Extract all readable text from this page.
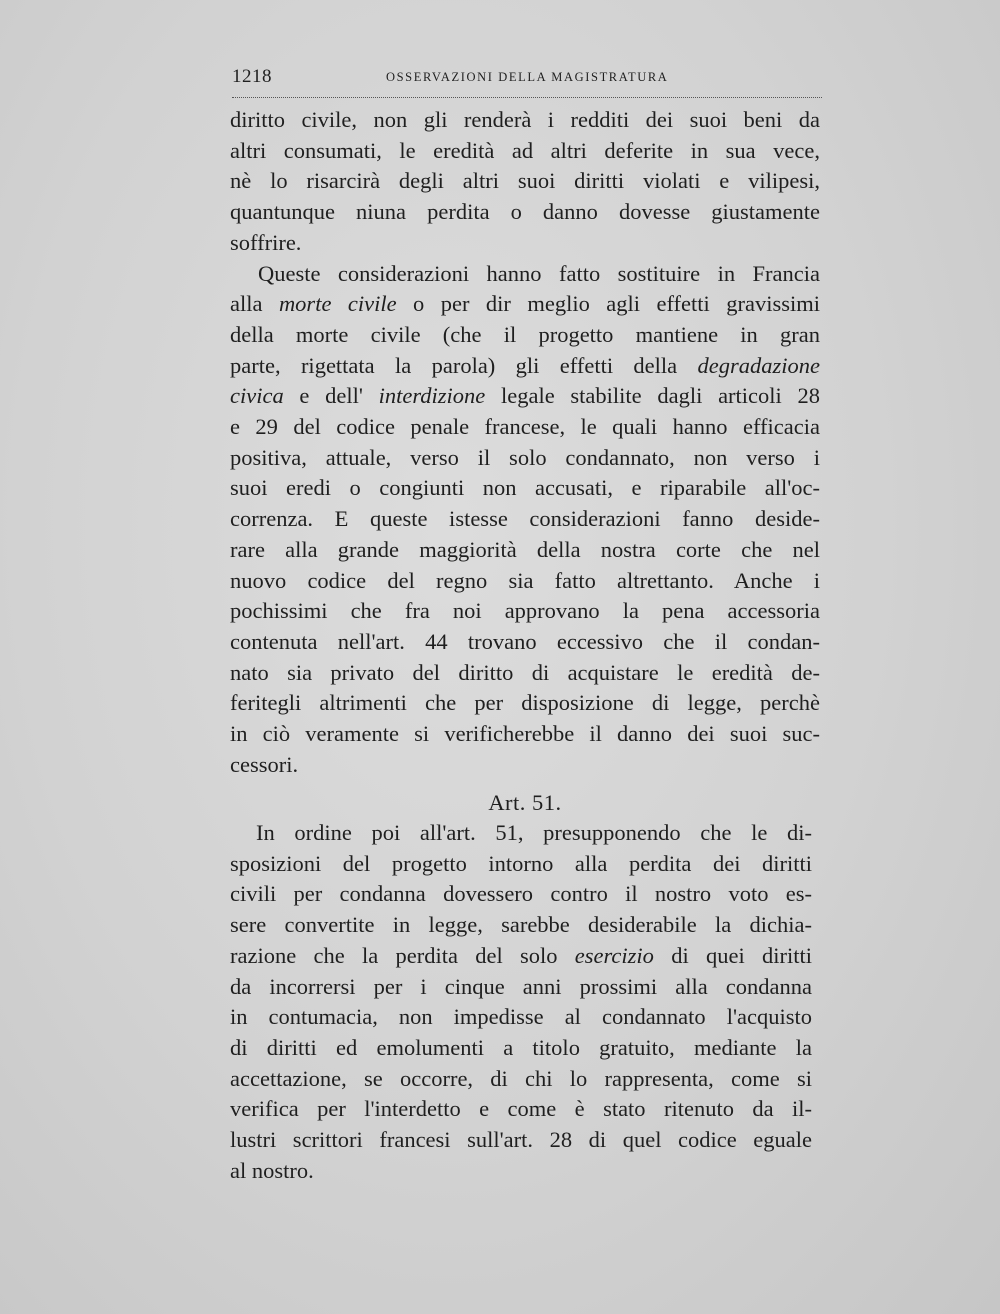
1218	OSSERVAZIONI DELLA MAGISTRATURA
diritto civile, non gli renderà i redditi dei suoi beni da
altri consumati, le eredità ad altri deferite in sua vece,
nè lo risarcirà degli altri suoi diritti violati e vilipesi,
quantunque niuna perdita o danno dovesse giustamente
soffrire.
Queste considerazioni hanno fatto sostituire in Francia
alla morte civile o per dir meglio agli effetti gravissimi
della morte civile (che il progetto mantiene in gran
parte, rigettata la parola) gli effetti della degradazione
civica e dell' interdizione legale stabilite dagli articoli 28
e 29 del codice penale francese, le quali hanno efficacia
positiva, attuale, verso il solo condannato, non verso i
suoi eredi o congiunti non accusati, e riparabile all'oc-
correnza. E queste istesse considerazioni fanno deside-
rare alla grande maggiorità della nostra corte che nel
nuovo codice del regno sia fatto altrettanto. Anche i
pochissimi che fra noi approvano la pena accessoria
contenuta nell'art. 44 trovano eccessivo che il condan-
nato sia privato del diritto di acquistare le eredità de-
feritegli altrimenti che per disposizione di legge, perchè
in ciò veramente si verificherebbe il danno dei suoi suc-
cessori.
Art. 51.
In ordine poi all'art. 51, presupponendo che le di-
sposizioni del progetto intorno alla perdita dei diritti
civili per condanna dovessero contro il nostro voto es-
sere convertite in legge, sarebbe desiderabile la dichia-
razione che la perdita del solo esercizio di quei diritti
da incorrersi per i cinque anni prossimi alla condanna
in contumacia, non impedisse al condannato l'acquisto
di diritti ed emolumenti a titolo gratuito, mediante la
accettazione, se occorre, di chi lo rappresenta, come si
verifica per l'interdetto e come è stato ritenuto da il-
lustri scrittori francesi sull'art. 28 di quel codice eguale
al nostro.
